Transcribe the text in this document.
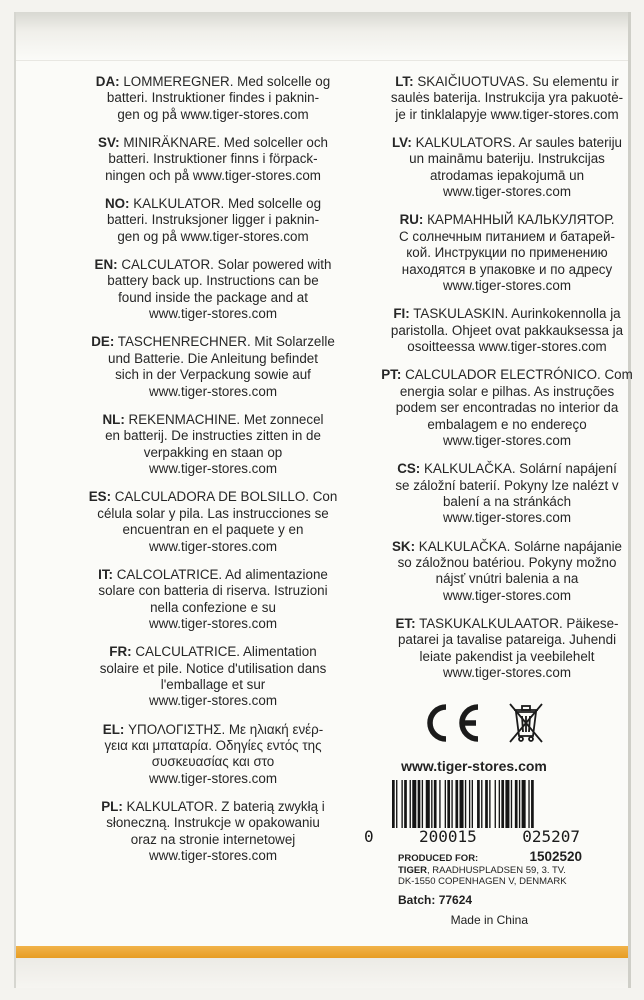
DA: LOMMEREGNER. Med solcelle og
batteri. Instruktioner findes i paknin-
gen og på www.tiger-stores.com
SV: MINIRÄKNARE. Med solceller och
batteri. Instruktioner finns i förpack-
ningen och på www.tiger-stores.com
NO: KALKULATOR. Med solcelle og
batteri. Instruksjoner ligger i paknin-
gen og på www.tiger-stores.com
EN: CALCULATOR. Solar powered with
battery back up. Instructions can be
found inside the package and at
www.tiger-stores.com
DE: TASCHENRECHNER. Mit Solarzelle
und Batterie. Die Anleitung befindet
sich in der Verpackung sowie auf
www.tiger-stores.com
NL: REKENMACHINE. Met zonnecel
en batterij. De instructies zitten in de
verpakking en staan op
www.tiger-stores.com
ES: CALCULADORA DE BOLSILLO. Con
célula solar y pila. Las instrucciones se
encuentran en el paquete y en
www.tiger-stores.com
IT: CALCOLATRICE. Ad alimentazione
solare con batteria di riserva. Istruzioni
nella confezione e su
www.tiger-stores.com
FR: CALCULATRICE. Alimentation
solaire et pile. Notice d'utilisation dans
l'emballage et sur
www.tiger-stores.com
EL: ΥΠΟΛΟΓΙΣΤΗΣ. Με ηλιακή ενέρ-
γεια και μπαταρία. Οδηγίες εντός της
συσκευασίας και στο
www.tiger-stores.com
PL: KALKULATOR. Z baterią zwykłą i
słoneczną. Instrukcje w opakowaniu
oraz na stronie internetowej
www.tiger-stores.com
LT: SKAIČIUOTUVAS. Su elementu ir
saulės baterija. Instrukcija yra pakuotė-
je ir tinklalapyje www.tiger-stores.com
LV: KALKULATORS. Ar saules bateriju
un maināmu bateriju. Instrukcijas
atrodamas iepakojumā un
www.tiger-stores.com
RU: КАРМАННЫЙ КАЛЬКУЛЯТОР.
С солнечным питанием и батарей-
кой. Инструкции по применению
находятся в упаковке и по адресу
www.tiger-stores.com
FI: TASKULASKIN. Aurinkokennolla ja
paristolla. Ohjeet ovat pakkauksessa ja
osoitteessa www.tiger-stores.com
PT: CALCULADOR ELECTRÓNICO. Com
energia solar e pilhas. As instruções
podem ser encontradas no interior da
embalagem e no endereço
www.tiger-stores.com
CS: KALKULAČKA. Solární napájení
se záložní baterií. Pokyny lze nalézt v
balení a na stránkách
www.tiger-stores.com
SK: KALKULAČKA. Solárne napájanie
so záložnou batériou. Pokyny možno
nájsť vnútri balenia a na
www.tiger-stores.com
ET: TASKUKALKULAATOR. Päikese-
patarei ja tavalise patareiga. Juhendi
leiate pakendist ja veebilehelt
www.tiger-stores.com
www.tiger-stores.com
0	200015	025207
PRODUCED FOR:	1502520
TIGER, RAADHUSPLADSEN 59, 3. TV.
DK-1550 COPENHAGEN V, DENMARK
Batch: 77624
Made in China
